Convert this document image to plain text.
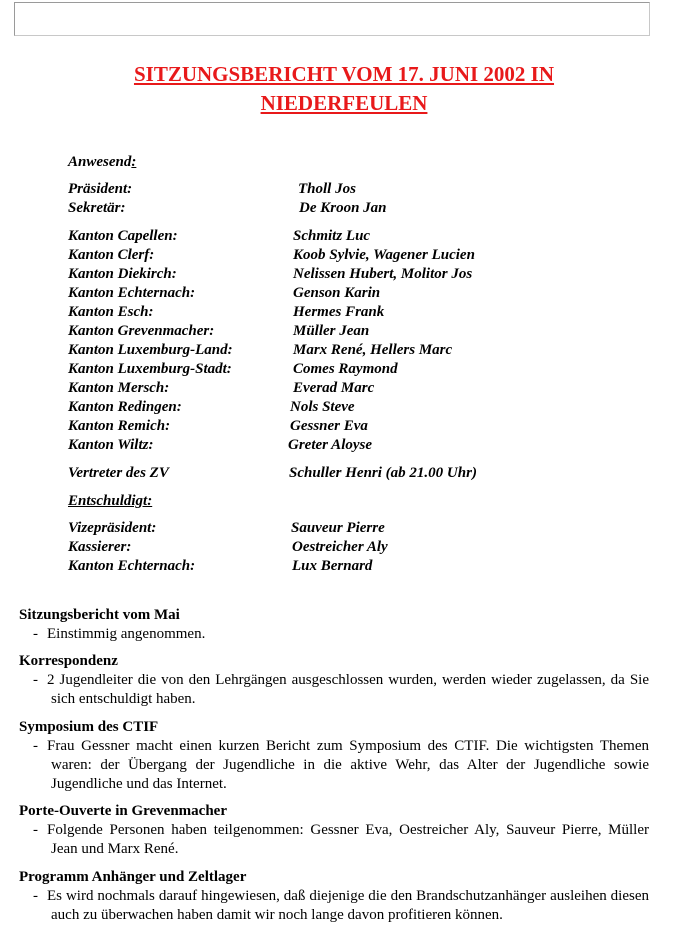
SITZUNGSBERICHT VOM 17. JUNI 2002 IN
NIEDERFEULEN
Anwesend:
Präsident:	Tholl Jos
Sekretär:	De Kroon Jan
Kanton Capellen:	Schmitz Luc
Kanton Clerf:	Koob Sylvie, Wagener Lucien
Kanton Diekirch:	Nelissen Hubert, Molitor Jos
Kanton Echternach:	Genson Karin
Kanton Esch:	Hermes Frank
Kanton Grevenmacher:	Müller Jean
Kanton Luxemburg-Land:	Marx René, Hellers Marc
Kanton Luxemburg-Stadt:	Comes Raymond
Kanton Mersch:	Everad Marc
Kanton Redingen:	Nols Steve
Kanton Remich:	Gessner Eva
Kanton Wiltz:	Greter Aloyse
Vertreter des ZV	Schuller Henri (ab 21.00 Uhr)
Entschuldigt:
Vizepräsident:	Sauveur Pierre
Kassierer:	Oestreicher Aly
Kanton Echternach:	Lux Bernard
Sitzungsbericht vom Mai
- Einstimmig angenommen.
Korrespondenz
- 2 Jugendleiter die von den Lehrgängen ausgeschlossen wurden, werden wieder zugelassen, da Sie sich entschuldigt haben.
Symposium des CTIF
- Frau Gessner macht einen kurzen Bericht zum Symposium des CTIF. Die wichtigsten Themen waren: der Übergang der Jugendliche in die aktive Wehr, das Alter der Jugendliche sowie Jugendliche und das Internet.
Porte-Ouverte in Grevenmacher
- Folgende Personen haben teilgenommen: Gessner Eva, Oestreicher Aly, Sauveur Pierre, Müller Jean und Marx René.
Programm Anhänger und Zeltlager
- Es wird nochmals darauf hingewiesen, daß diejenige die den Brandschutzanhänger ausleihen diesen auch zu überwachen haben damit wir noch lange davon profitieren können.
